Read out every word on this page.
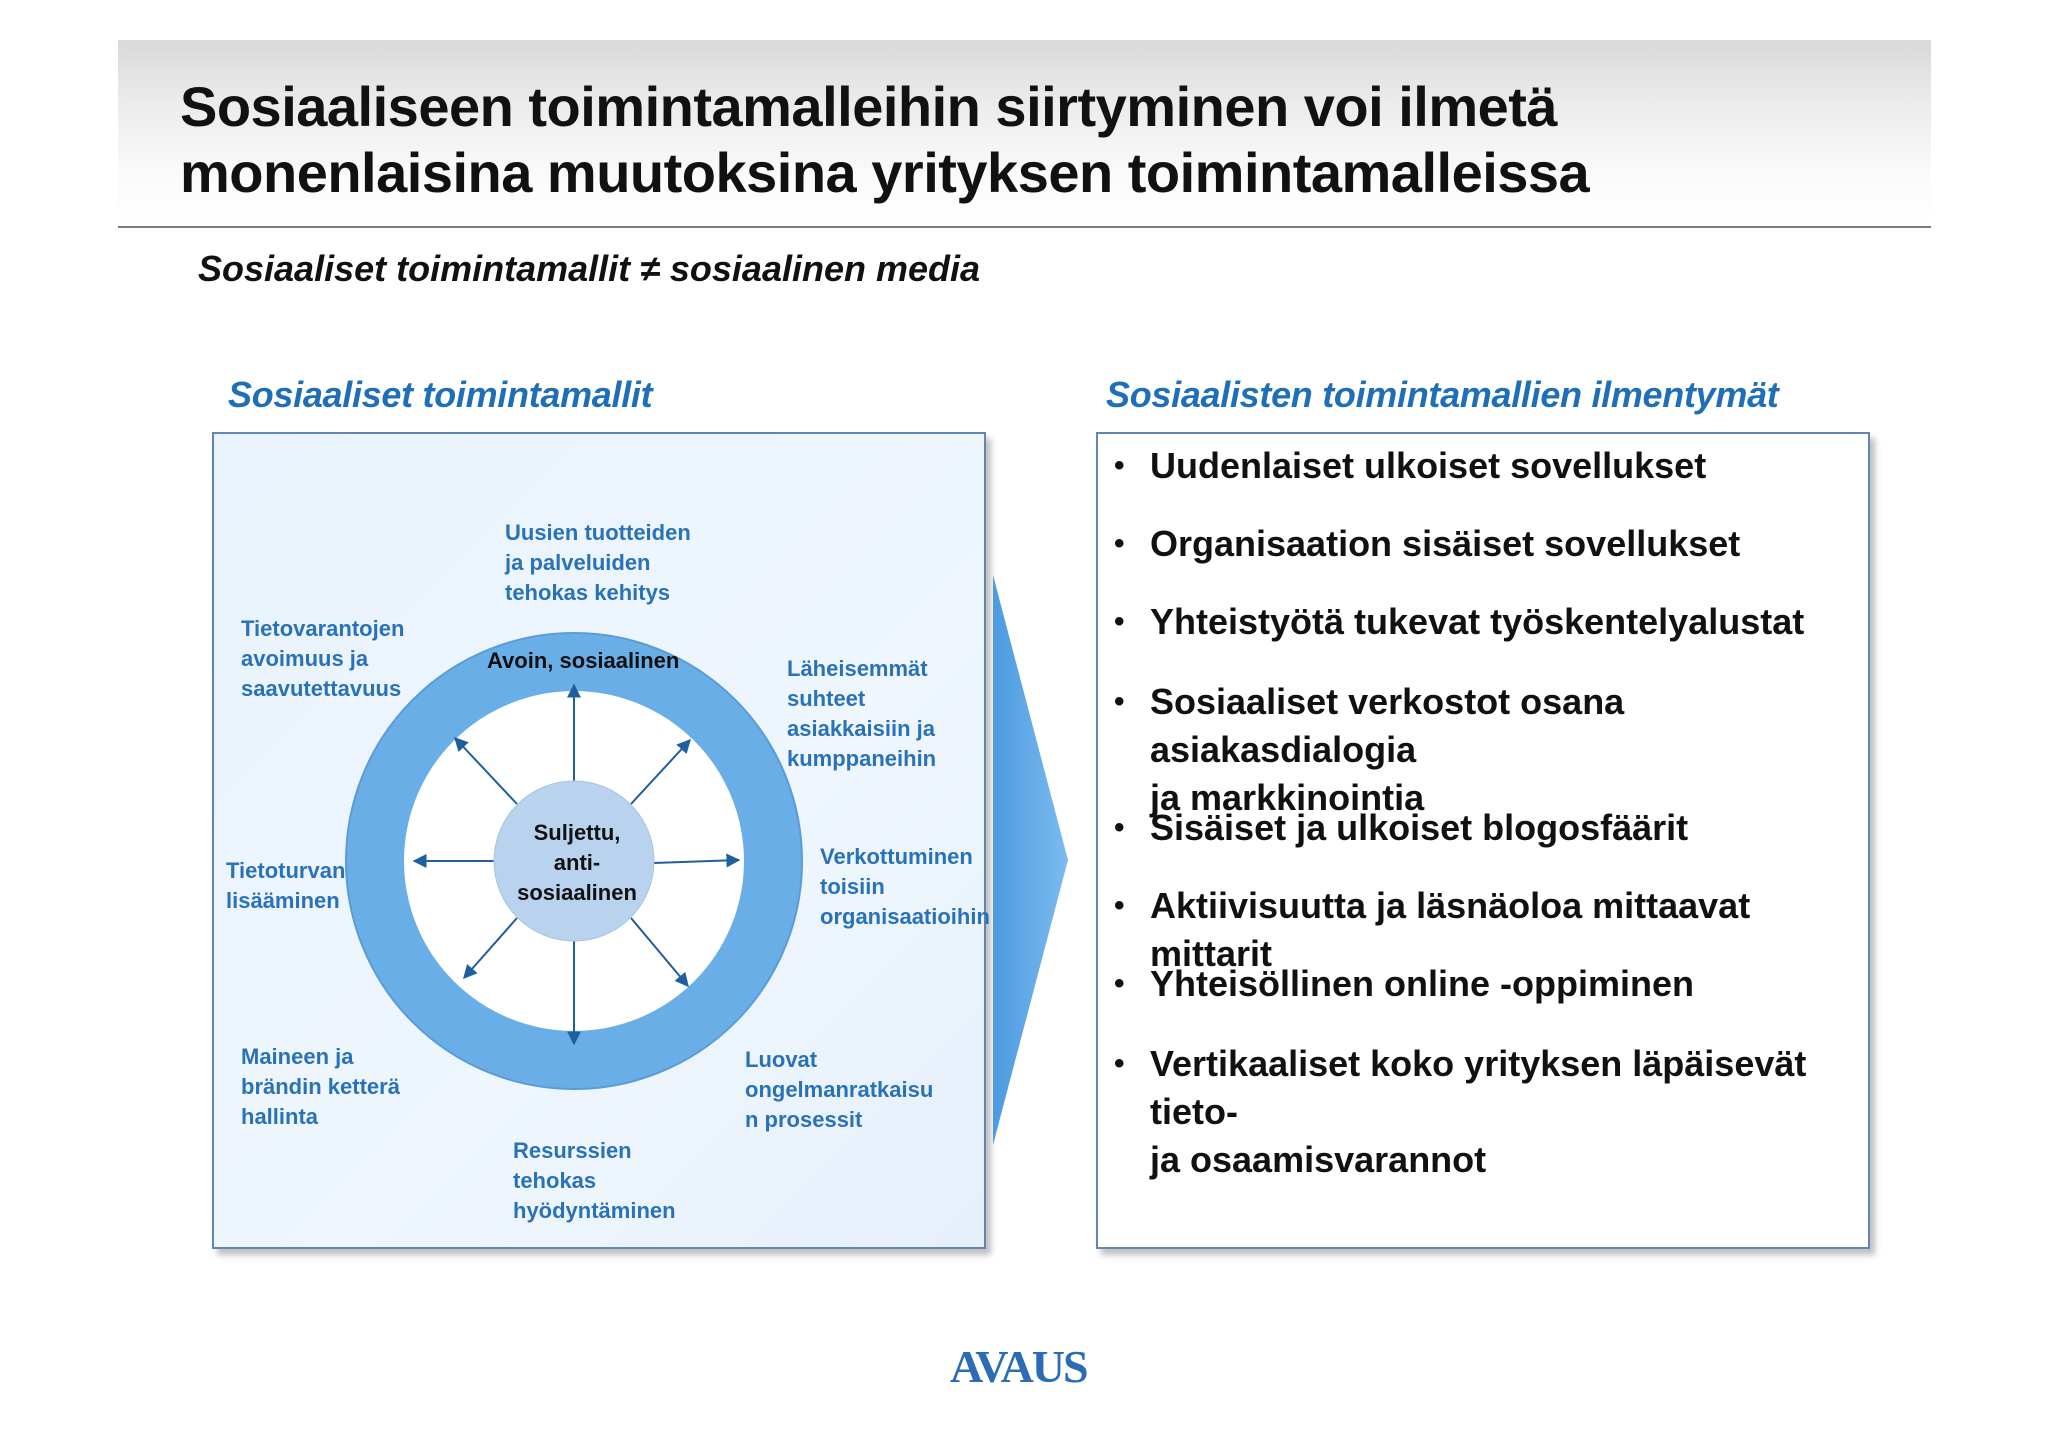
Sosiaaliseen toimintamalleihin siirtyminen voi ilmetä monenlaisina muutoksina yrityksen toimintamalleissa
Sosiaaliset toimintamallit ≠ sosiaalinen media
Sosiaaliset toimintamallit	Sosiaalisten toimintamallien ilmentymät
Avoin, sosiaalinen
Suljettu,
anti-
sosiaalinen
Uusien tuotteiden
ja palveluiden
tehokas kehitys
Läheisemmät
suhteet
asiakkaisiin ja
kumppaneihin
Verkottuminen
toisiin
organisaatioihin
Luovat
ongelmanratkaisu
n prosessit
Resurssien
tehokas
hyödyntäminen
Maineen ja
brändin ketterä
hallinta
Tietoturvan
lisääminen
Tietovarantojen
avoimuus ja
saavutettavuus
• Uudenlaiset ulkoiset sovellukset
• Organisaation sisäiset sovellukset
• Yhteistyötä tukevat työskentelyalustat
• Sosiaaliset verkostot osana asiakasdialogia
ja markkinointia
• Sisäiset ja ulkoiset blogosfäärit
• Aktiivisuutta ja läsnäoloa mittaavat mittarit
• Yhteisöllinen online -oppiminen
• Vertikaaliset koko yrityksen läpäisevät tieto-
ja osaamisvarannot
AVAUS
